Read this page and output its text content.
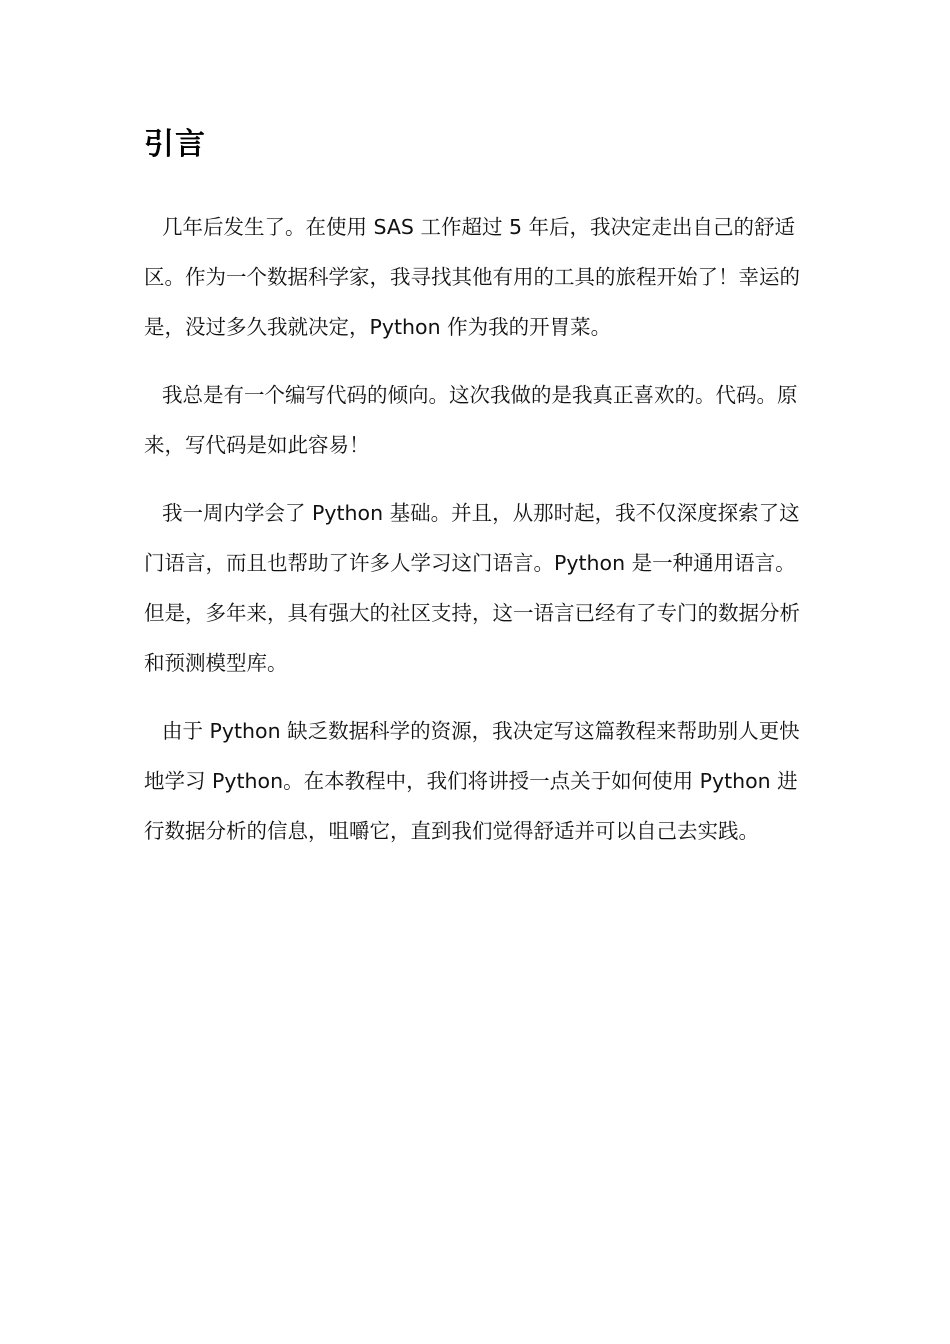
引言

几年后发生了。在使用 SAS 工作超过 5 年后，我决定走出自己的舒适区。作为一个数据科学家，我寻找其他有用的工具的旅程开始了！幸运的是，没过多久我就决定，Python 作为我的开胃菜。

我总是有一个编写代码的倾向。这次我做的是我真正喜欢的。代码。原来，写代码是如此容易！

我一周内学会了 Python 基础。并且，从那时起，我不仅深度探索了这门语言，而且也帮助了许多人学习这门语言。Python 是一种通用语言。但是，多年来，具有强大的社区支持，这一语言已经有了专门的数据分析和预测模型库。

由于 Python 缺乏数据科学的资源，我决定写这篇教程来帮助别人更快地学习 Python。在本教程中，我们将讲授一点关于如何使用 Python 进行数据分析的信息，咀嚼它，直到我们觉得舒适并可以自己去实践。
